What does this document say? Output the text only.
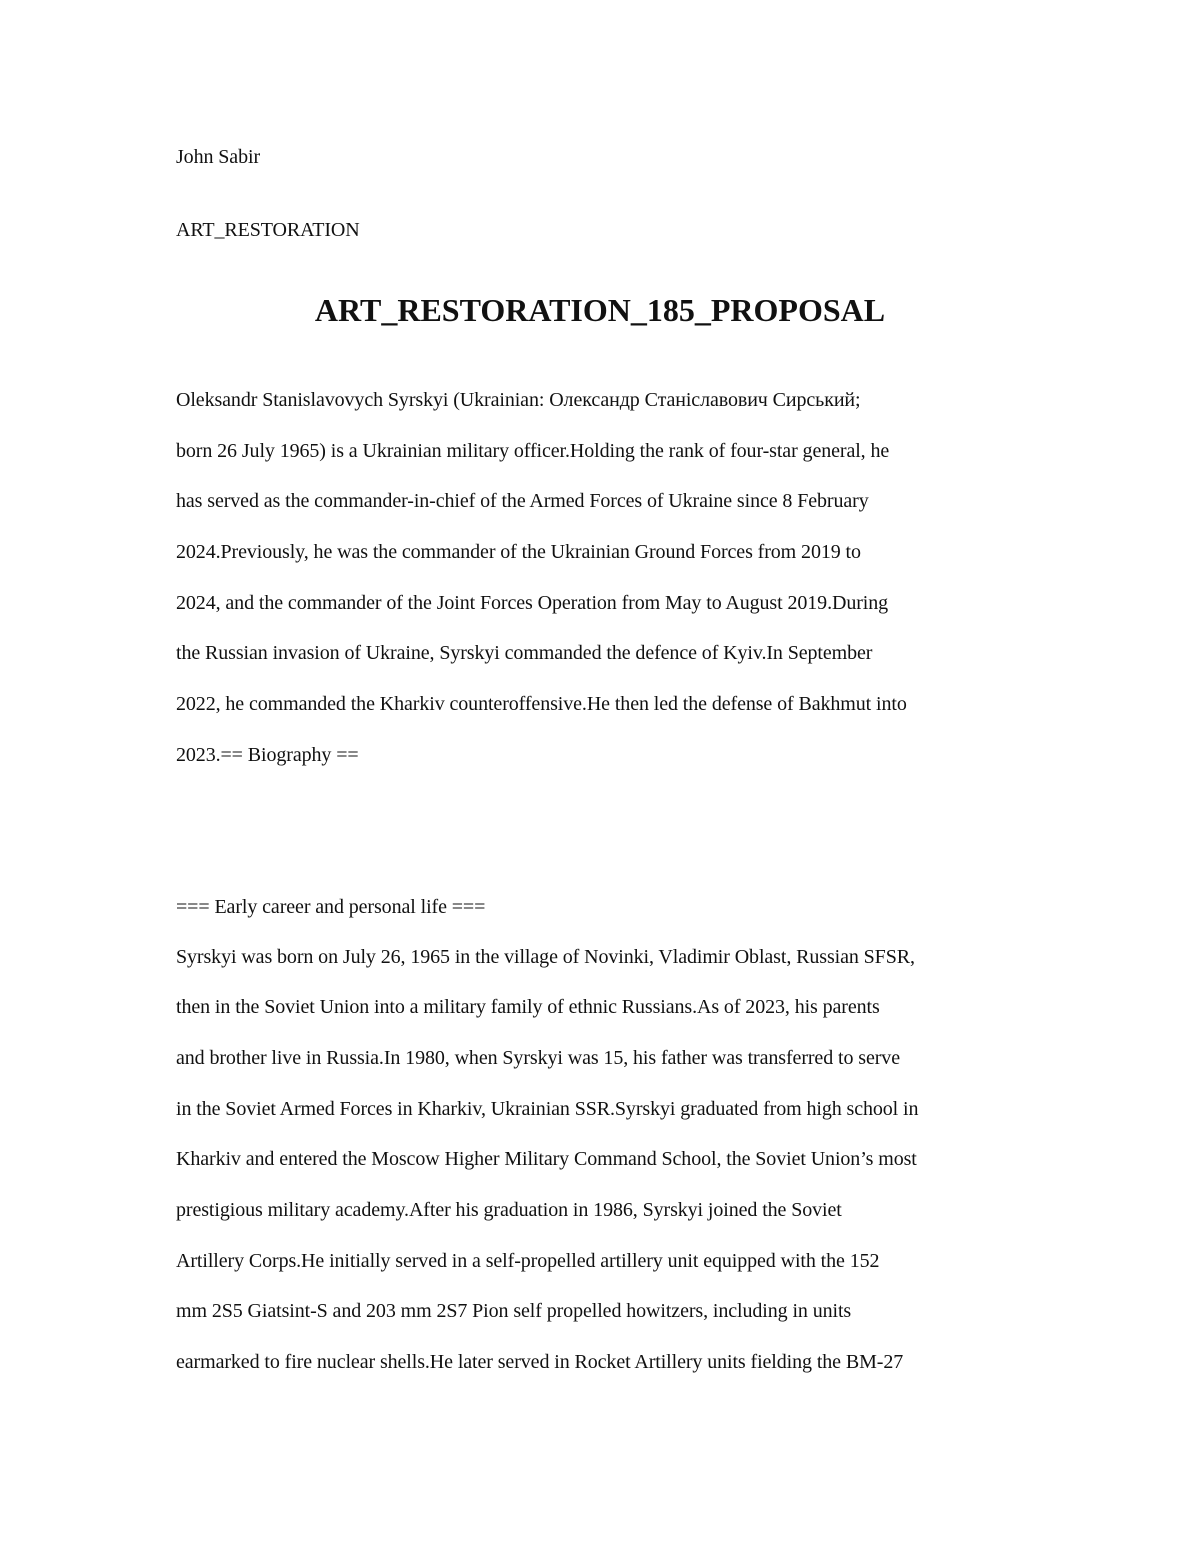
John Sabir
ART_RESTORATION
ART_RESTORATION_185_PROPOSAL
Oleksandr Stanislavovych Syrskyi (Ukrainian: Олександр Станіславович Сирський;
born 26 July 1965) is a Ukrainian military officer.Holding the rank of four-star general, he
has served as the commander-in-chief of the Armed Forces of Ukraine since 8 February
2024.Previously, he was the commander of the Ukrainian Ground Forces from 2019 to
2024, and the commander of the Joint Forces Operation from May to August 2019.During
the Russian invasion of Ukraine, Syrskyi commanded the defence of Kyiv.In September
2022, he commanded the Kharkiv counteroffensive.He then led the defense of Bakhmut into
2023.== Biography ==
=== Early career and personal life ===
Syrskyi was born on July 26, 1965 in the village of Novinki, Vladimir Oblast, Russian SFSR,
then in the Soviet Union into a military family of ethnic Russians.As of 2023, his parents
and brother live in Russia.In 1980, when Syrskyi was 15, his father was transferred to serve
in the Soviet Armed Forces in Kharkiv, Ukrainian SSR.Syrskyi graduated from high school in
Kharkiv and entered the Moscow Higher Military Command School, the Soviet Union’s most
prestigious military academy.After his graduation in 1986, Syrskyi joined the Soviet
Artillery Corps.He initially served in a self-propelled artillery unit equipped with the 152
mm 2S5 Giatsint-S and 203 mm 2S7 Pion self propelled howitzers, including in units
earmarked to fire nuclear shells.He later served in Rocket Artillery units fielding the BM-27
